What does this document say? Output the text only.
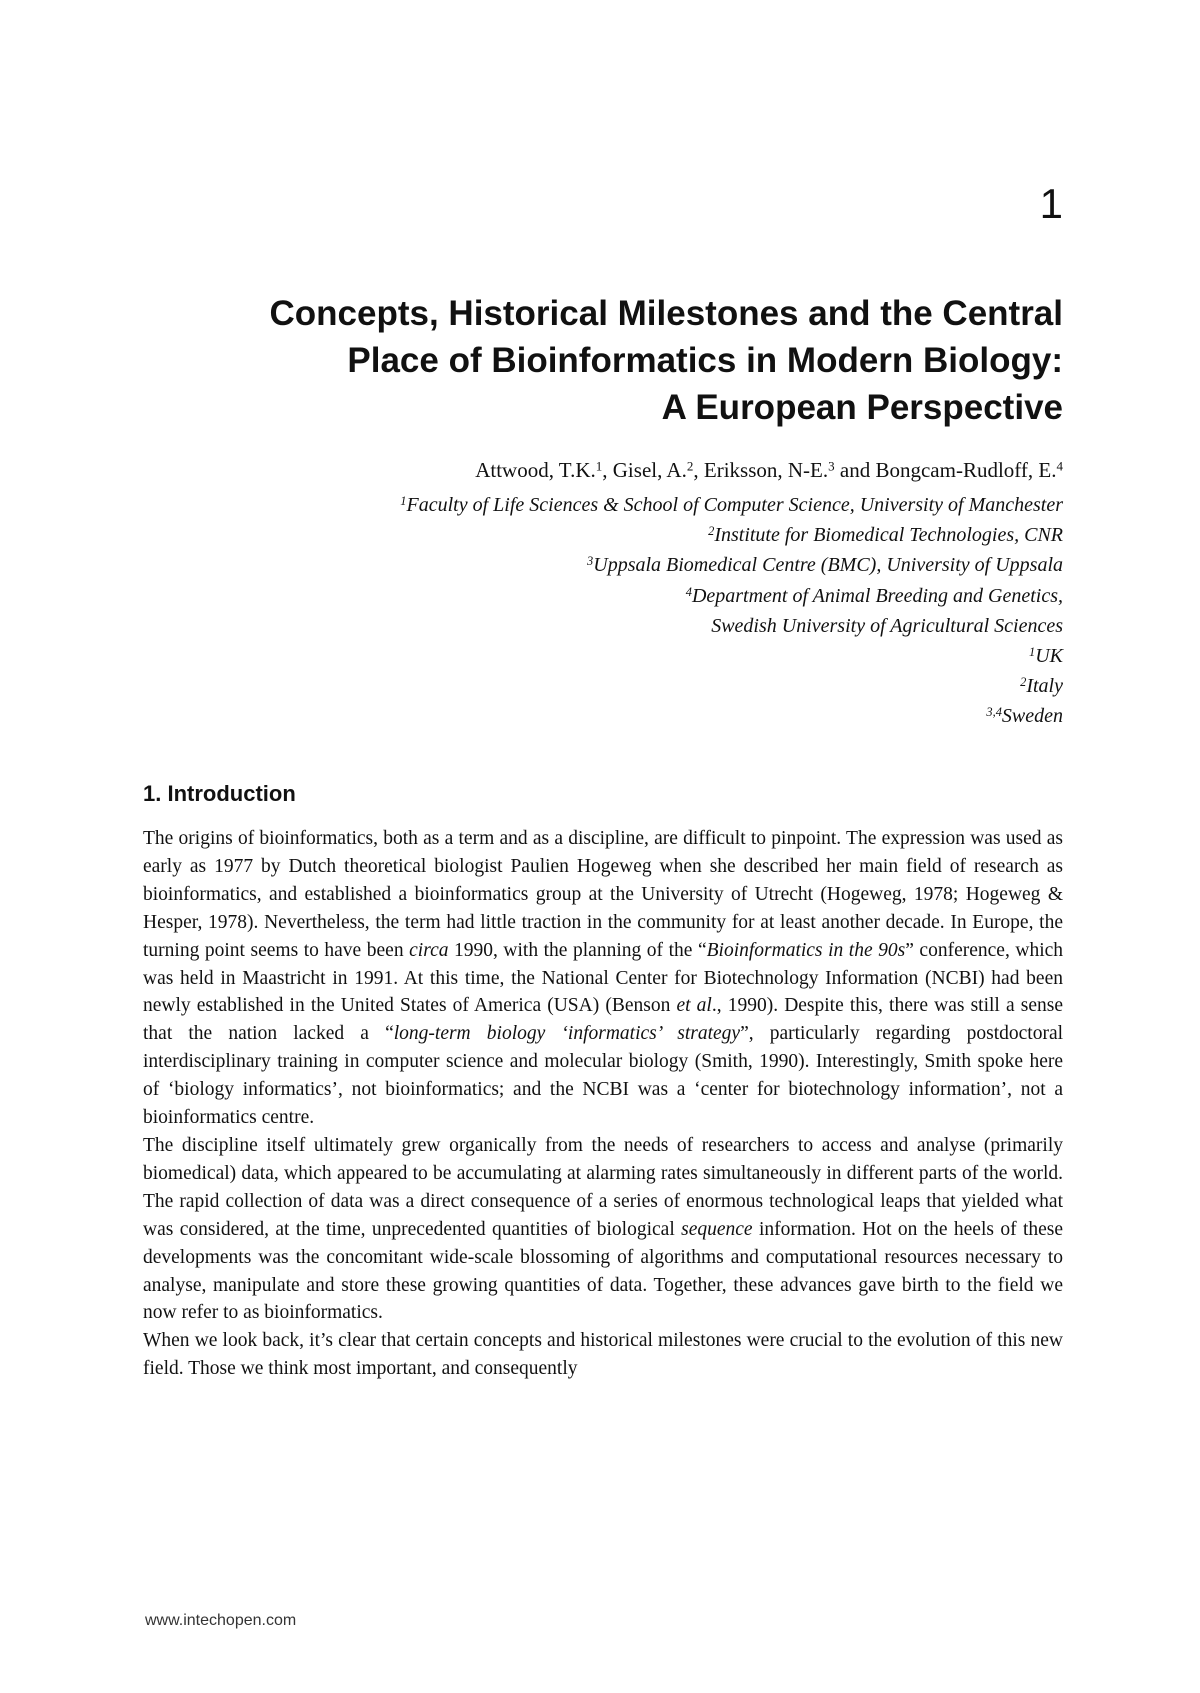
1
Concepts, Historical Milestones and the Central
Place of Bioinformatics in Modern Biology:
A European Perspective
Attwood, T.K.$^1$, Gisel, A.$^2$, Eriksson, N-E.$^3$ and Bongcam-Rudloff, E.$^4$
$^1$Faculty of Life Sciences & School of Computer Science, University of Manchester
$^2$Institute for Biomedical Technologies, CNR
$^3$Uppsala Biomedical Centre (BMC), University of Uppsala
$^4$Department of Animal Breeding and Genetics,
Swedish University of Agricultural Sciences
$^1$UK
$^2$Italy
$^{3,4}$Sweden
1. Introduction

The origins of bioinformatics, both as a term and as a discipline, are difficult to pinpoint. The expression was used as early as 1977 by Dutch theoretical biologist Paulien Hogeweg when she described her main field of research as bioinformatics, and established a bioinformatics group at the University of Utrecht (Hogeweg, 1978; Hogeweg & Hesper, 1978). Nevertheless, the term had little traction in the community for at least another decade. In Europe, the turning point seems to have been circa 1990, with the planning of the “Bioinformatics in the 90s” conference, which was held in Maastricht in 1991. At this time, the National Center for Biotechnology Information (NCBI) had been newly established in the United States of America (USA) (Benson et al., 1990). Despite this, there was still a sense that the nation lacked a “long-term biology ‘informatics’ strategy”, particularly regarding postdoctoral interdisciplinary training in computer science and molecular biology (Smith, 1990). Interestingly, Smith spoke here of ‘biology informatics’, not bioinformatics; and the NCBI was a ‘center for biotechnology information’, not a bioinformatics centre.

The discipline itself ultimately grew organically from the needs of researchers to access and analyse (primarily biomedical) data, which appeared to be accumulating at alarming rates simultaneously in different parts of the world. The rapid collection of data was a direct consequence of a series of enormous technological leaps that yielded what was considered, at the time, unprecedented quantities of biological sequence information. Hot on the heels of these developments was the concomitant wide-scale blossoming of algorithms and computational resources necessary to analyse, manipulate and store these growing quantities of data. Together, these advances gave birth to the field we now refer to as bioinformatics.

When we look back, it’s clear that certain concepts and historical milestones were crucial to the evolution of this new field. Those we think most important, and consequently

www.intechopen.com
